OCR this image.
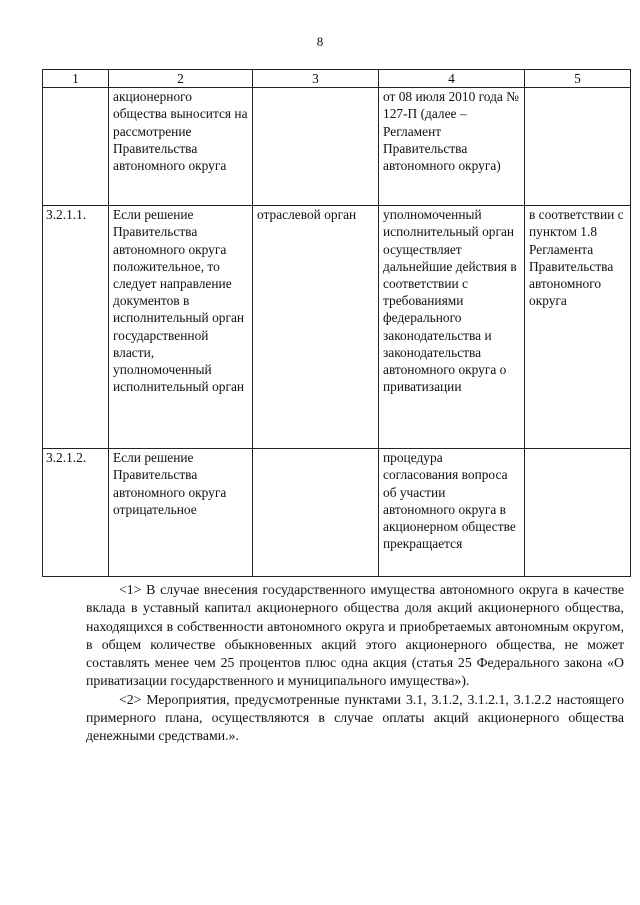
8
1	2	3	4	5
	акционерного общества выносится на рассмотрение Правительства автономного округа		от 08 июля 2010 года № 127-П (далее – Регламент Правительства автономного округа)	
3.2.1.1.	Если решение Правительства автономного округа положительное, то следует направление документов в исполнительный орган государственной власти, уполномоченный исполнительный орган	отраслевой орган	уполномоченный исполнительный орган осуществляет дальнейшие действия в соответствии с требованиями федерального законодательства и законодательства автономного округа о приватизации	в соответствии с пунктом 1.8 Регламента Правительства автономного округа
3.2.1.2.	Если решение Правительства автономного округа отрицательное		процедура согласования вопроса об участии автономного округа в акционерном обществе прекращается	

<1> В случае внесения государственного имущества автономного округа в качестве вклада в уставный капитал акционерного общества доля акций акционерного общества, находящихся в собственности автономного округа и приобретаемых автономным округом, в общем количестве обыкновенных акций этого акционерного общества, не может составлять менее чем 25 процентов плюс одна акция (статья 25 Федерального закона «О приватизации государственного и муниципального имущества»).

<2> Мероприятия, предусмотренные пунктами 3.1, 3.1.2, 3.1.2.1, 3.1.2.2 настоящего примерного плана, осуществляются в случае оплаты акций акционерного общества денежными средствами.».
